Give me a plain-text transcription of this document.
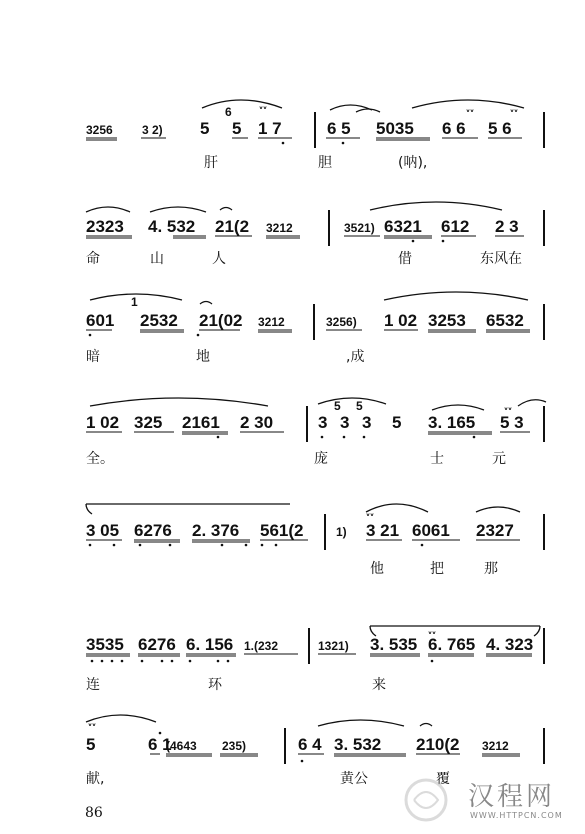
ᵥᵥ	ᵥᵥ	ᵥᵥ
3256 3 2) 5
6
5 1 7	6 5 5035 6 6 5 6
肝	胆	(呐),
2323 4. 532 21(2 3212	3521) 6321 612 2 3
命	山	人	借	东风在
601
1
2532 21(02 3212	3256) 1 02 3253 6532
暗	地	,成
ᵥᵥ
1 02 325 2161 2 30	3
5
3
5
3 5 3. 165 5 3
全。	庞	士	元
ᵥᵥ
3 05 6276 2. 376 561(2	1) 3 21 6061 2327
他	把	那
ᵥᵥ
3535 6276 6. 156 1.(232	1321) 3. 535 6. 765 4. 323
连	环	来
ᵥᵥ
5	6 1
(4643 235)	6 4 3. 532 210(2 3212
献,	黄公	覆
86
汉程网
WWW.HTTPCN.COM
